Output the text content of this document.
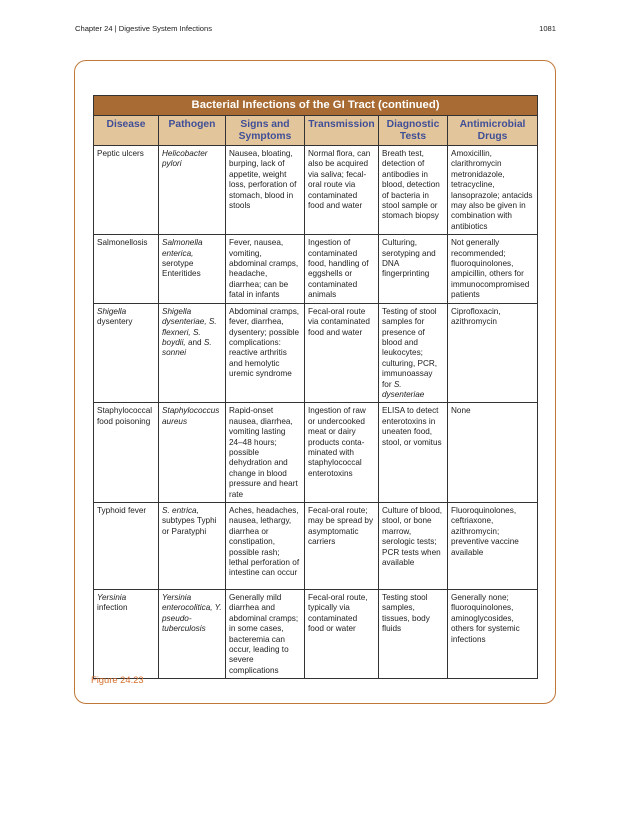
Chapter 24 | Digestive System Infections	1081
Bacterial Infections of the GI Tract (continued)					
Disease	Pathogen	Signs and Symptoms	Transmission	Diagnostic Tests	Antimicrobial Drugs
Peptic ulcers	Helicobacter pylori	Nausea, bloating, burping, lack of appetite, weight loss, perforation of stomach, blood in stools	Normal flora, can also be acquired via saliva; fecal-oral route via contaminated food and water	Breath test, detection of antibodies in blood, detection of bacteria in stool sample or stomach biopsy	Amoxicillin, clarithromycin metronidazole, tetracycline, lansoprazole; antacids may also be given in combination with antibiotics
Salmonellosis	Salmonella enterica, serotype Enteritides	Fever, nausea, vomiting, abdominal cramps, headache, diarrhea; can be fatal in infants	Ingestion of contaminated food, handling of eggshells or contaminated animals	Culturing, serotyping and DNA fingerprinting	Not generally recommended; fluoroquinolones, ampicillin, others for immunocompromised patients
Shigella dysentery	Shigella dysenteriae, S. flexneri, S. boydii, and S. sonnei	Abdominal cramps, fever, diarrhea, dysentery; possible complications: reactive arthritis and hemolytic uremic syndrome	Fecal-oral route via contaminated food and water	Testing of stool samples for presence of blood and leukocytes; culturing, PCR, immunoassay for S. dysenteriae	Ciprofloxacin, azithromycin
Staphylococcal food poisoning	Staphylococcus aureus	Rapid-onset nausea, diarrhea, vomiting lasting 24–48 hours; possible dehydration and change in blood pressure and heart rate	Ingestion of raw or undercooked meat or dairy products conta-minated with staphylococcal enterotoxins	ELISA to detect enterotoxins in uneaten food, stool, or vomitus	None
Typhoid fever	S. entrica, subtypes Typhi or Paratyphi	Aches, headaches, nausea, lethargy, diarrhea or constipation, possible rash; lethal perforation of intestine can occur	Fecal-oral route; may be spread by asymptomatic carriers	Culture of blood, stool, or bone marrow, serologic tests; PCR tests when available	Fluoroquinolones, ceftriaxone, azithromycin; preventive vaccine available
Yersinia infection	Yersinia enterocolitica, Y. pseudo-tuberculosis	Generally mild diarrhea and abdominal cramps; in some cases, bacteremia can occur, leading to severe complications	Fecal-oral route, typically via contaminated food or water	Testing stool samples, tissues, body fluids	Generally none; fluoroquinolones, aminoglycosides, others for systemic infections
Figure 24.23
